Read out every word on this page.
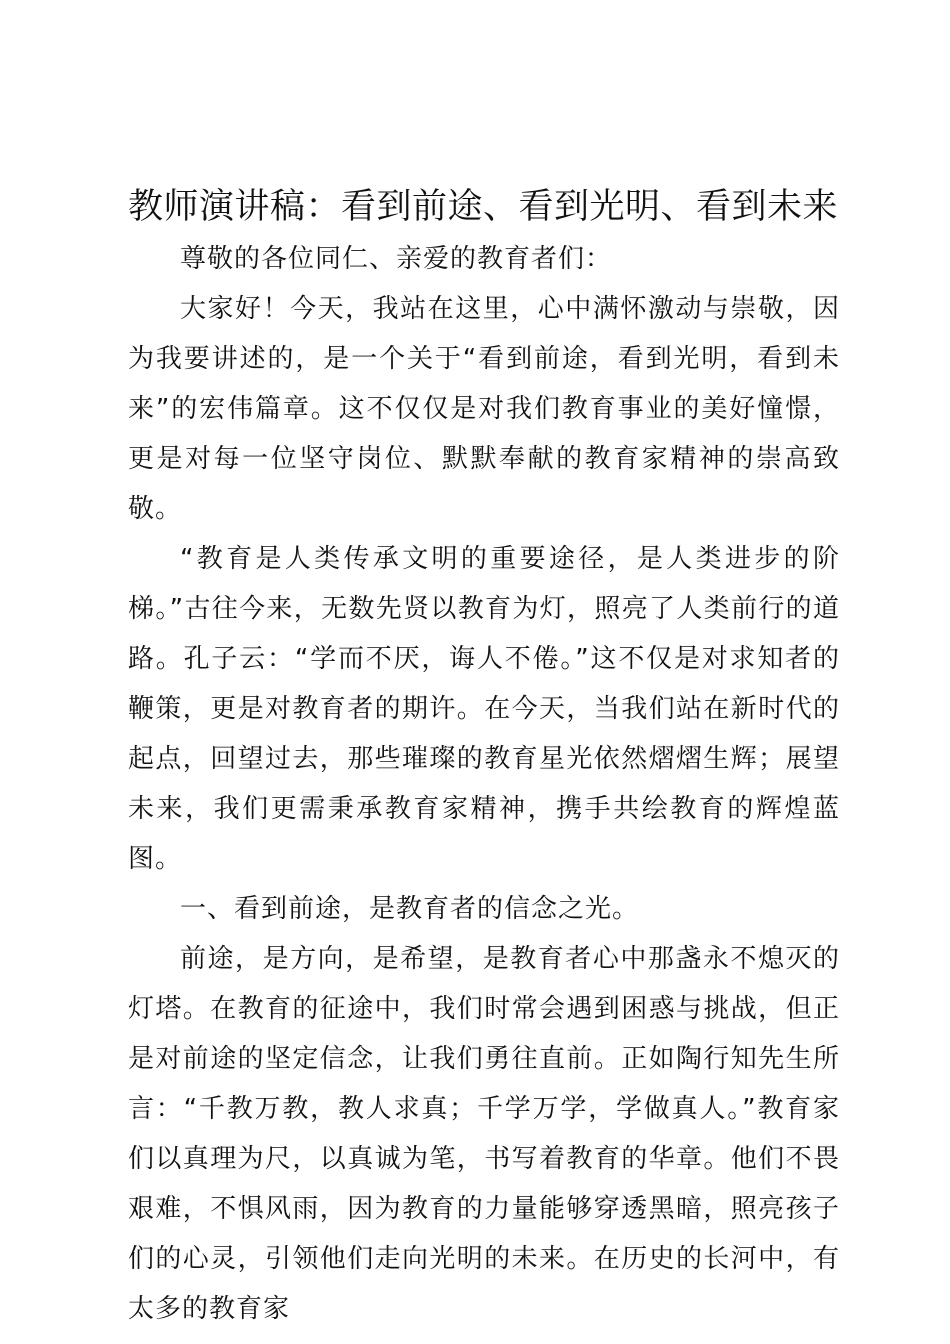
教师演讲稿：看到前途、看到光明、看到未来

尊敬的各位同仁、亲爱的教育者们：

大家好！今天，我站在这里，心中满怀激动与崇敬，因为我要讲述的，是一个关于“看到前途，看到光明，看到未来”的宏伟篇章。这不仅仅是对我们教育事业的美好憧憬，更是对每一位坚守岗位、默默奉献的教育家精神的崇高致敬。

“教育是人类传承文明的重要途径，是人类进步的阶梯。”古往今来，无数先贤以教育为灯，照亮了人类前行的道路。孔子云：“学而不厌，诲人不倦。”这不仅是对求知者的鞭策，更是对教育者的期许。在今天，当我们站在新时代的起点，回望过去，那些璀璨的教育星光依然熠熠生辉；展望未来，我们更需秉承教育家精神，携手共绘教育的辉煌蓝图。

一、看到前途，是教育者的信念之光。

前途，是方向，是希望，是教育者心中那盏永不熄灭的灯塔。在教育的征途中，我们时常会遇到困惑与挑战，但正是对前途的坚定信念，让我们勇往直前。正如陶行知先生所言：“千教万教，教人求真；千学万学，学做真人。”教育家们以真理为尺，以真诚为笔，书写着教育的华章。他们不畏艰难，不惧风雨，因为教育的力量能够穿透黑暗，照亮孩子们的心灵，引领他们走向光明的未来。在历史的长河中，有太多的教育家
